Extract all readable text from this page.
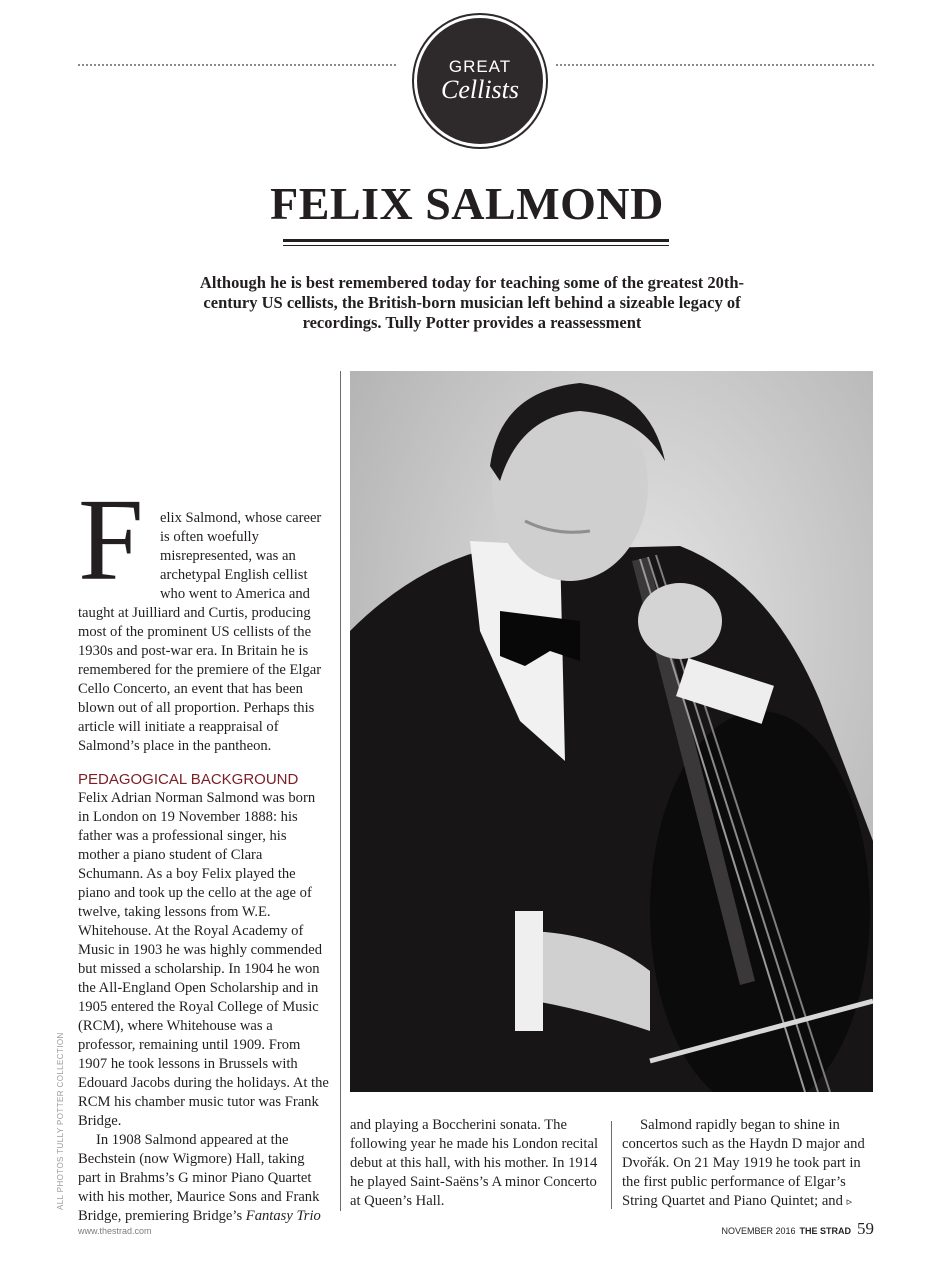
GREAT
Cellists
FELIX SALMOND
Although he is best remembered today for teaching some of the greatest 20th-century US cellists, the British-born musician left behind a sizeable legacy of recordings. Tully Potter provides a reassessment
F	elix Salmond, whose career is often woefully misrepresented, was an archetypal English cellist who went to America and taught at Juilliard and Curtis, producing most of the prominent US cellists of the 1930s and post-war era. In Britain he is remembered for the premiere of the Elgar Cello Concerto, an event that has been blown out of all proportion. Perhaps this article will initiate a reappraisal of Salmond’s place in the pantheon.

PEDAGOGICAL BACKGROUND

Felix Adrian Norman Salmond was born in London on 19 November 1888: his father was a professional singer, his mother a piano student of Clara Schumann. As a boy Felix played the piano and took up the cello at the age of twelve, taking lessons from W.E. Whitehouse. At the Royal Academy of Music in 1903 he was highly commended but missed a scholarship. In 1904 he won the All-England Open Scholarship and in 1905 entered the Royal College of Music (RCM), where Whitehouse was a professor, remaining until 1909. From 1907 he took lessons in Brussels with Edouard Jacobs during the holidays. At the RCM his chamber music tutor was Frank Bridge.

In 1908 Salmond appeared at the Bechstein (now Wigmore) Hall, taking part in Brahms’s G minor Piano Quartet with his mother, Maurice Sons and Frank Bridge, premiering Bridge’s Fantasy Trio

and playing a Boccherini sonata. The following year he made his London recital debut at this hall, with his mother. In 1914 he played Saint-Saëns’s A minor Concerto at Queen’s Hall.

Salmond rapidly began to shine in concertos such as the Haydn D major and Dvořák. On 21 May 1919 he took part in the first public performance of Elgar’s String Quartet and Piano Quintet; and ▹

ALL PHOTOS TULLY POTTER COLLECTION
www.thestrad.com	NOVEMBER 2016 THE STRAD 59
